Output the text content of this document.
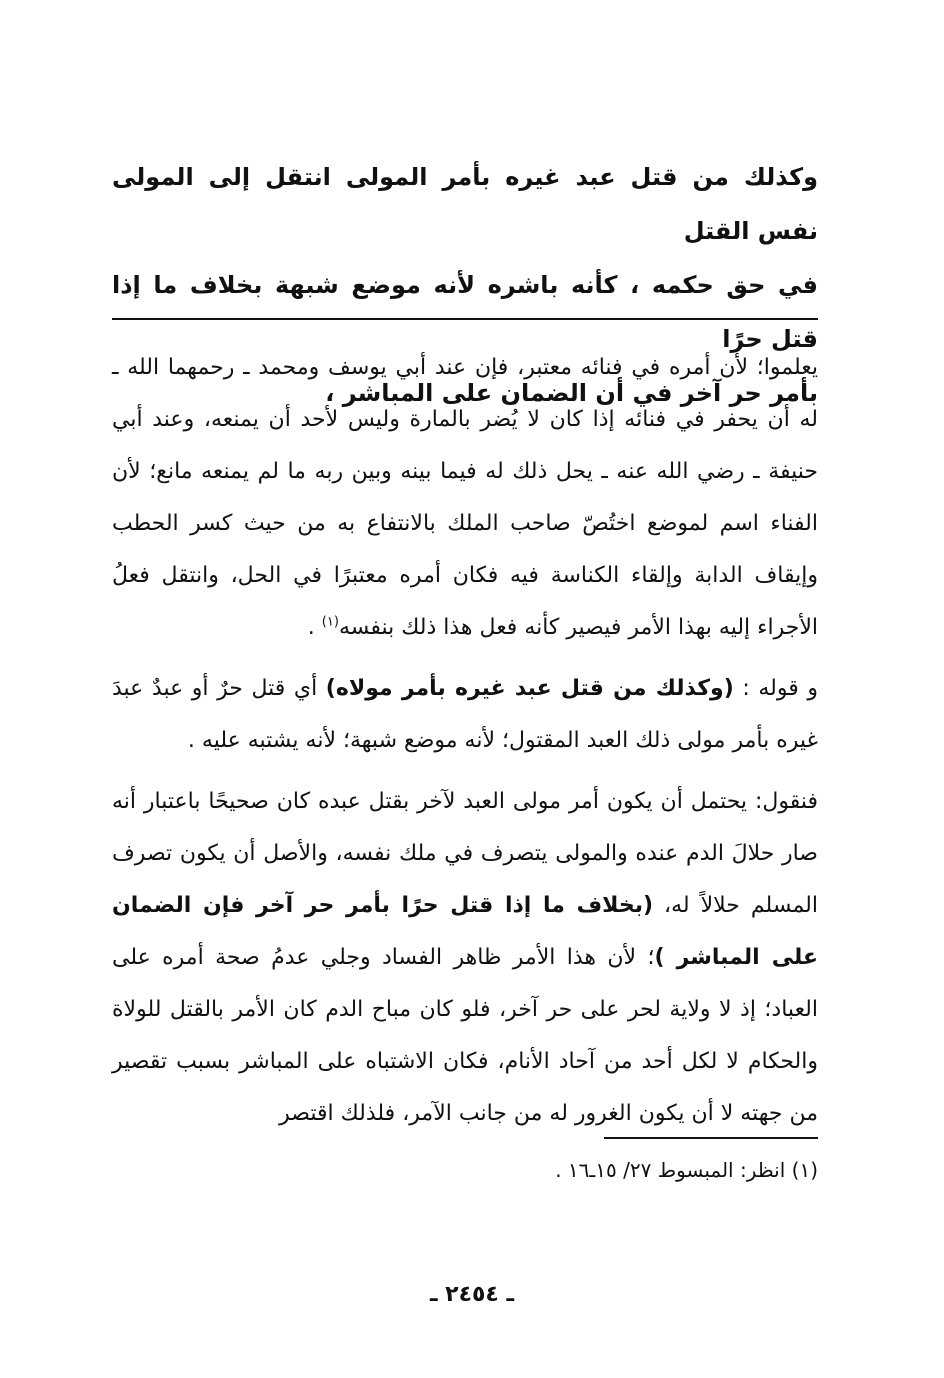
وكذلك من قتل عبد غيره بأمر المولى انتقل إلى المولى نفس القتل

في حق حكمه ، كأنه باشره لأنه موضع شبهة بخلاف ما إذا قتل حرًا

بأمر حر آخر في أن الضمان على المباشر ،

يعلموا؛ لأن أمره في فنائه معتبر، فإن عند أبي يوسف ومحمد ـ رحمهما الله ـ له أن يحفر في فنائه إذا كان لا يُضر بالمارة وليس لأحد أن يمنعه، وعند أبي حنيفة ـ رضي الله عنه ـ يحل ذلك له فيما بينه وبين ربه ما لم يمنعه مانع؛ لأن الفناء اسم لموضع اختُصّ صاحب الملك بالانتفاع به من حيث كسر الحطب وإيقاف الدابة وإلقاء الكناسة فيه فكان أمره معتبرًا في الحل، وانتقل فعلُ الأجراء إليه بهذا الأمر فيصير كأنه فعل هذا ذلك بنفسه$^{(١)}$ .

و قوله : (وكذلك من قتل عبد غيره بأمر مولاه) أي قتل حرٌ أو عبدٌ عبدَ غيره بأمر مولى ذلك العبد المقتول؛ لأنه موضع شبهة؛ لأنه يشتبه عليه .

فنقول: يحتمل أن يكون أمر مولى العبد لآخر بقتل عبده كان صحيحًا باعتبار أنه صار حلالَ الدم عنده والمولى يتصرف في ملك نفسه، والأصل أن يكون تصرف المسلم حلالاً له، (بخلاف ما إذا قتل حرًا بأمر حر آخر فإن الضمان على المباشر )؛ لأن هذا الأمر ظاهر الفساد وجلي عدمُ صحة أمره على العباد؛ إذ لا ولاية لحر على حر آخر، فلو كان مباح الدم كان الأمر بالقتل للولاة والحكام لا لكل أحد من آحاد الأنام، فكان الاشتباه على المباشر بسبب تقصير من جهته لا أن يكون الغرور له من جانب الآمر، فلذلك اقتصر

(١) انظر: المبسوط ٢٧/ ١٥ـ١٦ .
ـ ٢٤٥٤ ـ
